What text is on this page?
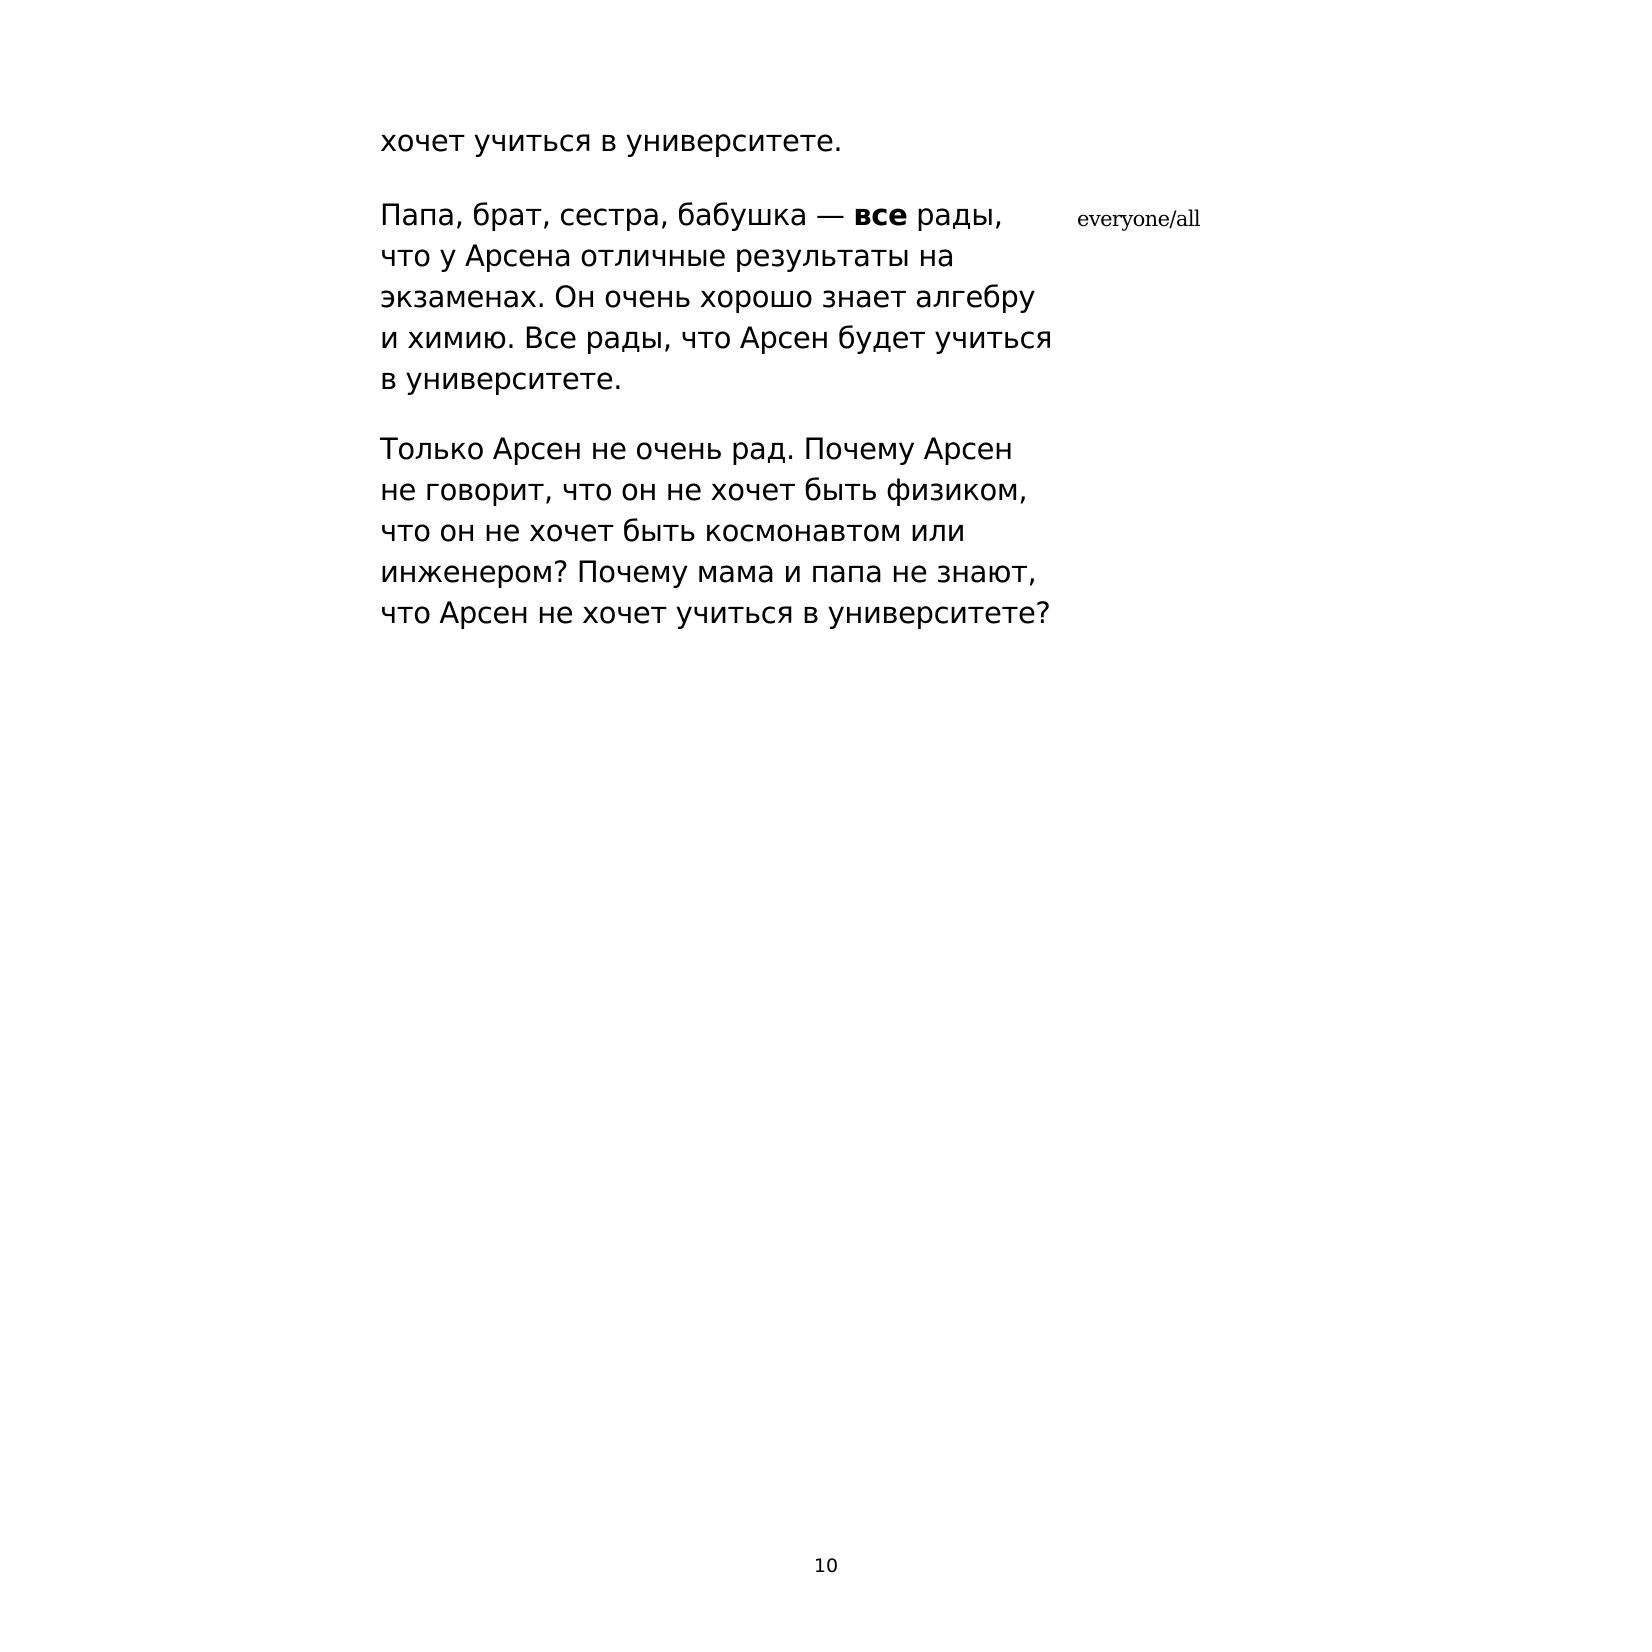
хочет учиться в университете.

Папа, брат, сестра, бабушка — все рады,
что у Арсена отличные результаты на
экзаменах. Он очень хорошо знает алгебру
и химию. Все рады, что Арсен будет учиться
в университете.

everyone/all

Только Арсен не очень рад. Почему Арсен
не говорит, что он не хочет быть физиком,
что он не хочет быть космонавтом или
инженером? Почему мама и папа не знают,
что Арсен не хочет учиться в университете?

10
